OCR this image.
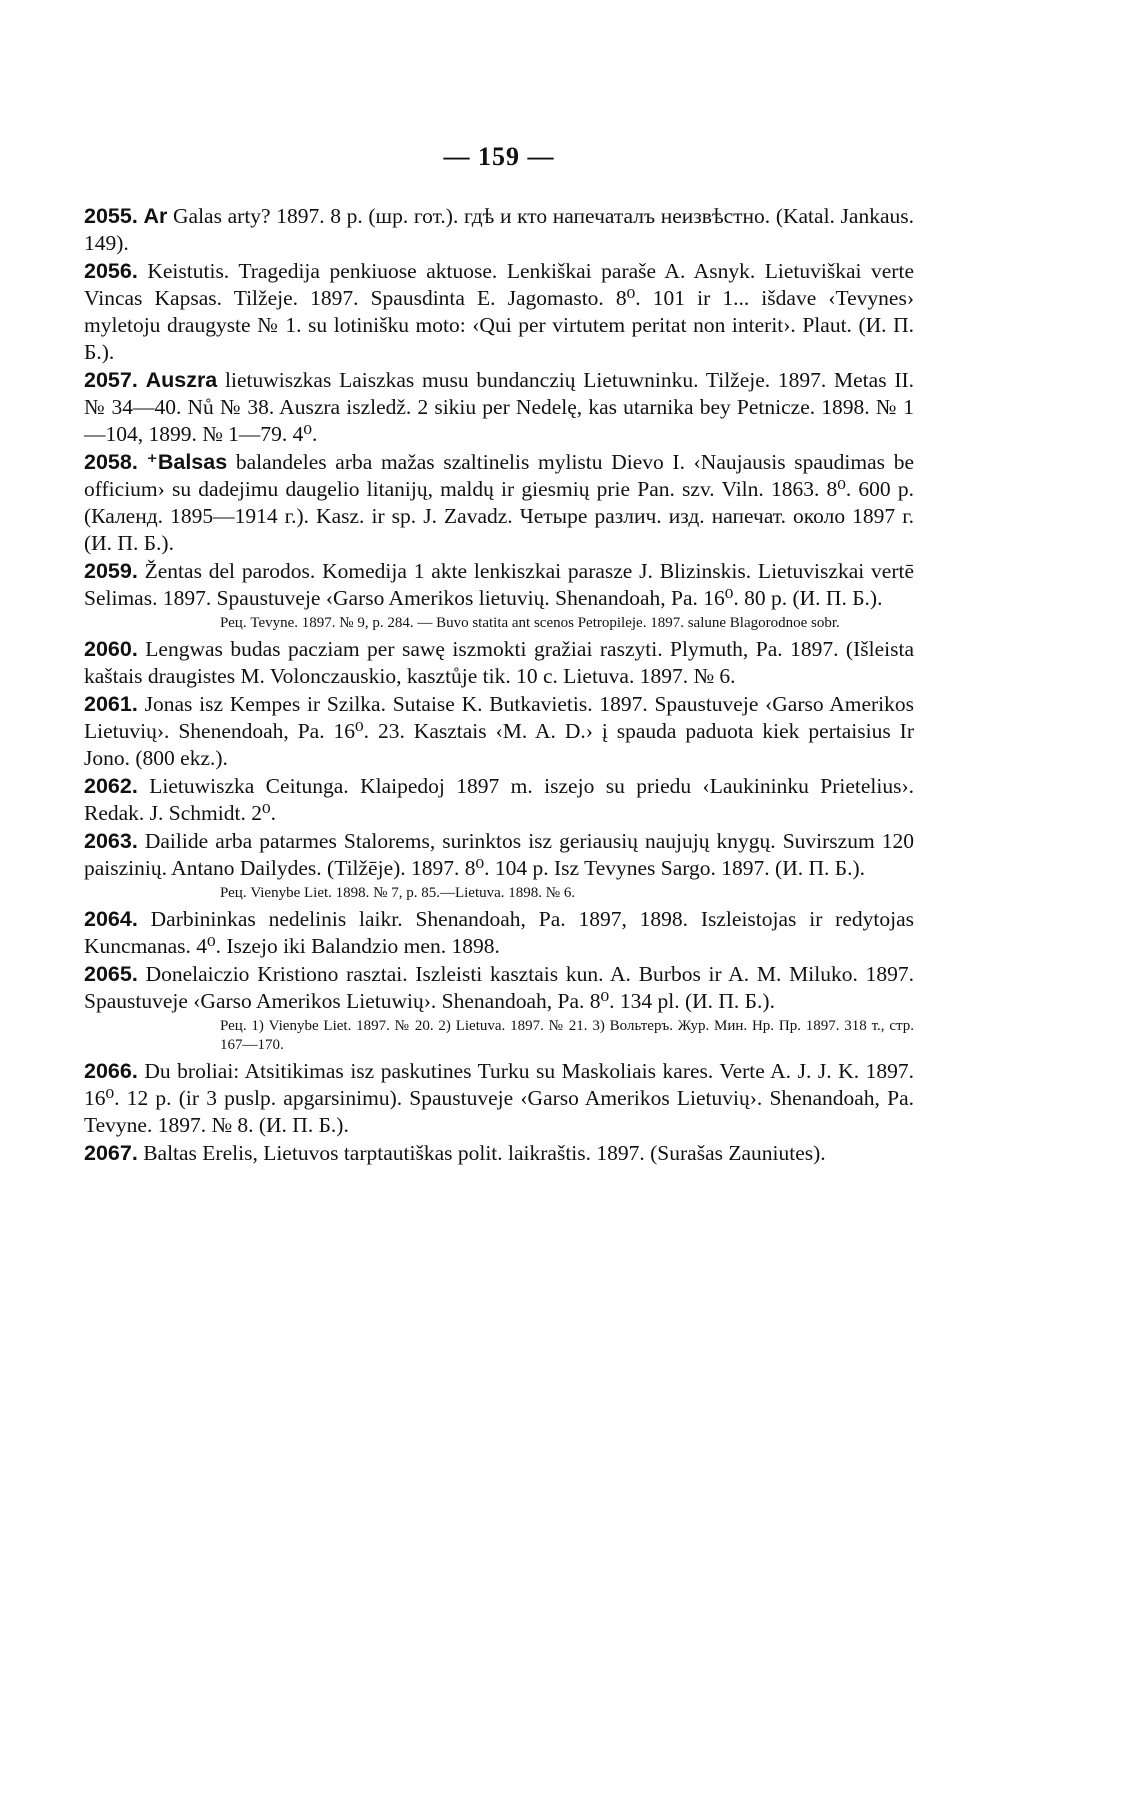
— 159 —

2055. Ar Galas arty? 1897. 8 p. (шр. гот.). гдѣ и кто напечаталъ неизвѣстно. (Katal. Jankaus. 149).

2056. Keistutis. Tragedija penkiuose aktuose. Lenkiškai paraše A. Asnyk. Lietuviškai verte Vincas Kapsas. Tilžeje. 1897. Spausdinta E. Jagomasto. 8⁰. 101 ir 1... išdave ‹Tevynes› myletoju draugyste № 1. su lotinišku moto: ‹Qui per virtutem peritat non interit›. Plaut. (И. П. Б.).

2057. Auszra lietuwiszkas Laiszkas musu bundanczių Lietuwninku. Tilžeje. 1897. Metas II. № 34—40. Nů № 38. Auszra iszledž. 2 sikiu per Nedelę, kas utarnika bey Petnicze. 1898. № 1—104, 1899. № 1—79. 4⁰.

2058. ⁺Balsas balandeles arba mažas szaltinelis mylistu Dievo I. ‹Naujausis spaudimas be officium› su dadejimu daugelio litanijų, maldų ir giesmių prie Pan. szv. Viln. 1863. 8⁰. 600 p. (Календ. 1895—1914 г.). Kasz. ir sp. J. Zavadz. Четыре различ. изд. напечат. около 1897 г. (И. П. Б.).

2059. Žentas del parodos. Komedija 1 akte lenkiszkai parasze J. Blizinskis. Lietuviszkai vertē Selimas. 1897. Spaustuveje ‹Garso Amerikos lietuvių. Shenandoah, Pa. 16⁰. 80 p. (И. П. Б.).

Рец. Tevyne. 1897. № 9, p. 284. — Buvo statita ant scenos Petropileje. 1897. salune Blagorodnoe sobr.

2060. Lengwas budas pacziam per sawę iszmokti gražiai raszyti. Plymuth, Pa. 1897. (Išleista kaštais draugistes M. Volonczauskio, kasztůje tik. 10 c. Lietuva. 1897. № 6.

2061. Jonas isz Kempes ir Szilka. Sutaise K. Butkavietis. 1897. Spaustuveje ‹Garso Amerikos Lietuvių›. Shenendoah, Pa. 16⁰. 23. Kasztais ‹M. A. D.› į spauda paduota kiek pertaisius Ir Jono. (800 ekz.).

2062. Lietuwiszka Ceitunga. Klaipedoj 1897 m. iszejo su priedu ‹Laukininku Prietelius›. Redak. J. Schmidt. 2⁰.

2063. Dailide arba patarmes Stalorems, surinktos isz geriausių naujujų knygų. Suvirszum 120 paiszinių. Antano Dailydes. (Tilžēje). 1897. 8⁰. 104 p. Isz Tevynes Sargo. 1897. (И. П. Б.).

Рец. Vienybe Liet. 1898. № 7, p. 85.—Lietuva. 1898. № 6.

2064. Darbininkas nedelinis laikr. Shenandoah, Pa. 1897, 1898. Iszleistojas ir redytojas Kuncmanas. 4⁰. Iszejo iki Balandzio men. 1898.

2065. Donelaiczio Kristiono rasztai. Iszleisti kasztais kun. A. Burbos ir A. M. Miluko. 1897. Spaustuveje ‹Garso Amerikos Lietuwių›. Shenandoah, Pa. 8⁰. 134 pl. (И. П. Б.).

Рец. 1) Vienybe Liet. 1897. № 20. 2) Lietuva. 1897. № 21. 3) Вольтеръ. Жур. Мин. Нр. Пр. 1897. 318 т., стр. 167—170.

2066. Du broliai: Atsitikimas isz paskutines Turku su Maskoliais kares. Verte A. J. J. K. 1897. 16⁰. 12 p. (ir 3 puslp. apgarsinimu). Spaustuveje ‹Garso Amerikos Lietuvių›. Shenandoah, Pa. Tevyne. 1897. № 8. (И. П. Б.).

2067. Baltas Erelis, Lietuvos tarptautiškas polit. laikraštis. 1897. (Surašas Zauniutes).
